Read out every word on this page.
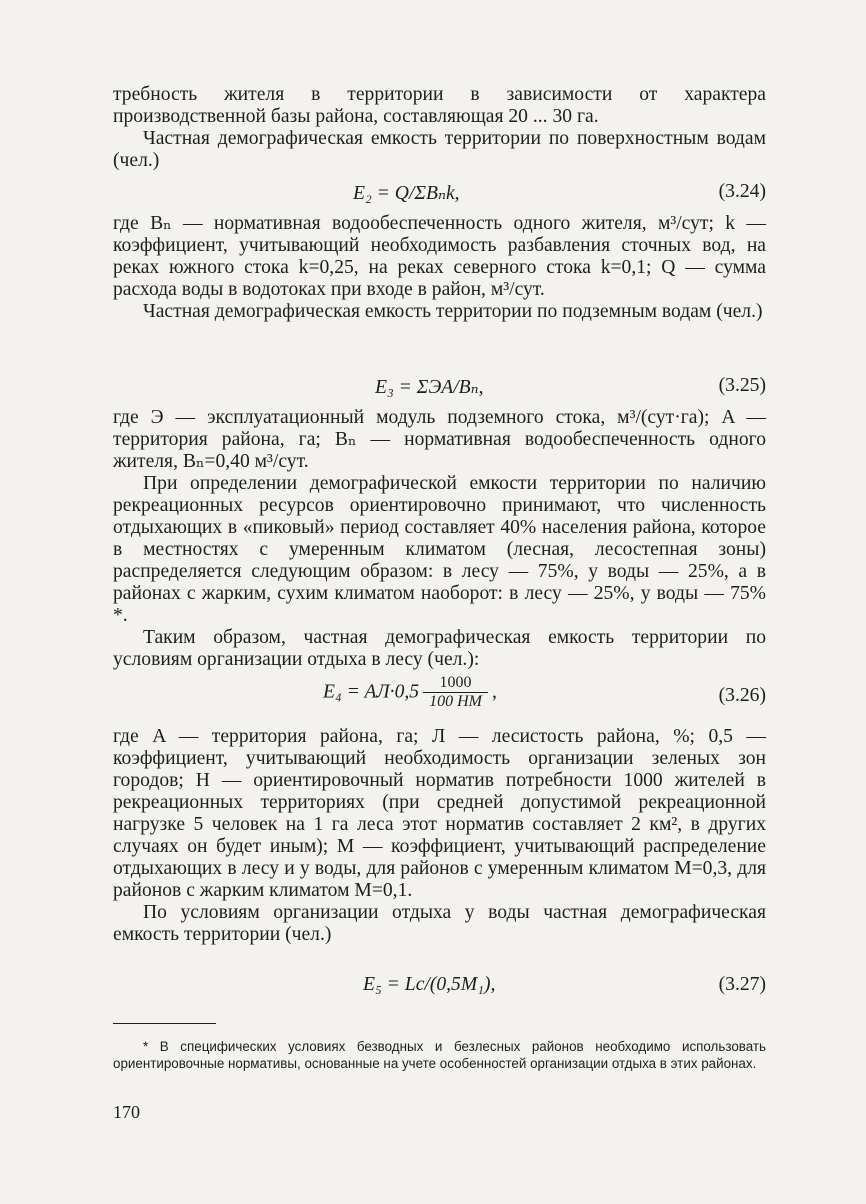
требность жителя в территории в зависимости от характера производственной базы района, составляющая 20 ... 30 га.

Частная демографическая емкость территории по поверхностным водам (чел.)

E₂ = Q/ΣBₙk,	(3.24)

где Bₙ — нормативная водообеспеченность одного жителя, м³/сут; k — коэффициент, учитывающий необходимость разбавления сточных вод, на реках южного стока k=0,25, на реках северного стока k=0,1; Q — сумма расхода воды в водотоках при входе в район, м³/сут.

Частная демографическая емкость территории по подземным водам (чел.)

E₃ = ΣЭA/Bₙ,	(3.25)

где Э — эксплуатационный модуль подземного стока, м³/(сут·га); A — территория района, га; Bₙ — нормативная водообеспеченность одного жителя, Bₙ=0,40 м³/сут.

При определении демографической емкости территории по наличию рекреационных ресурсов ориентировочно принимают, что численность отдыхающих в «пиковый» период составляет 40% населения района, которое в местностях с умеренным климатом (лесная, лесостепная зоны) распределяется следующим образом: в лесу — 75%, у воды — 25%, а в районах с жарким, сухим климатом наоборот: в лесу — 25%, у воды — 75% *.

Таким образом, частная демографическая емкость территории по условиям организации отдыха в лесу (чел.):

$E_4 = AЛ\cdot 0,5 \frac{1000}{100 HM}$ ,	(3.26)

где A — территория района, га; Л — лесистость района, %; 0,5 — коэффициент, учитывающий необходимость организации зеленых зон городов; H — ориентировочный норматив потребности 1000 жителей в рекреационных территориях (при средней допустимой рекреационной нагрузке 5 человек на 1 га леса этот норматив составляет 2 км², в других случаях он будет иным); M — коэффициент, учитывающий распределение отдыхающих в лесу и у воды, для районов с умеренным климатом M=0,3, для районов с жарким климатом M=0,1.

По условиям организации отдыха у воды частная демографическая емкость территории (чел.)

E₅ = Lc/(0,5M₁),	(3.27)

* В специфических условиях безводных и безлесных районов необходимо использовать ориентировочные нормативы, основанные на учете особенностей организации отдыха в этих районах.

170
